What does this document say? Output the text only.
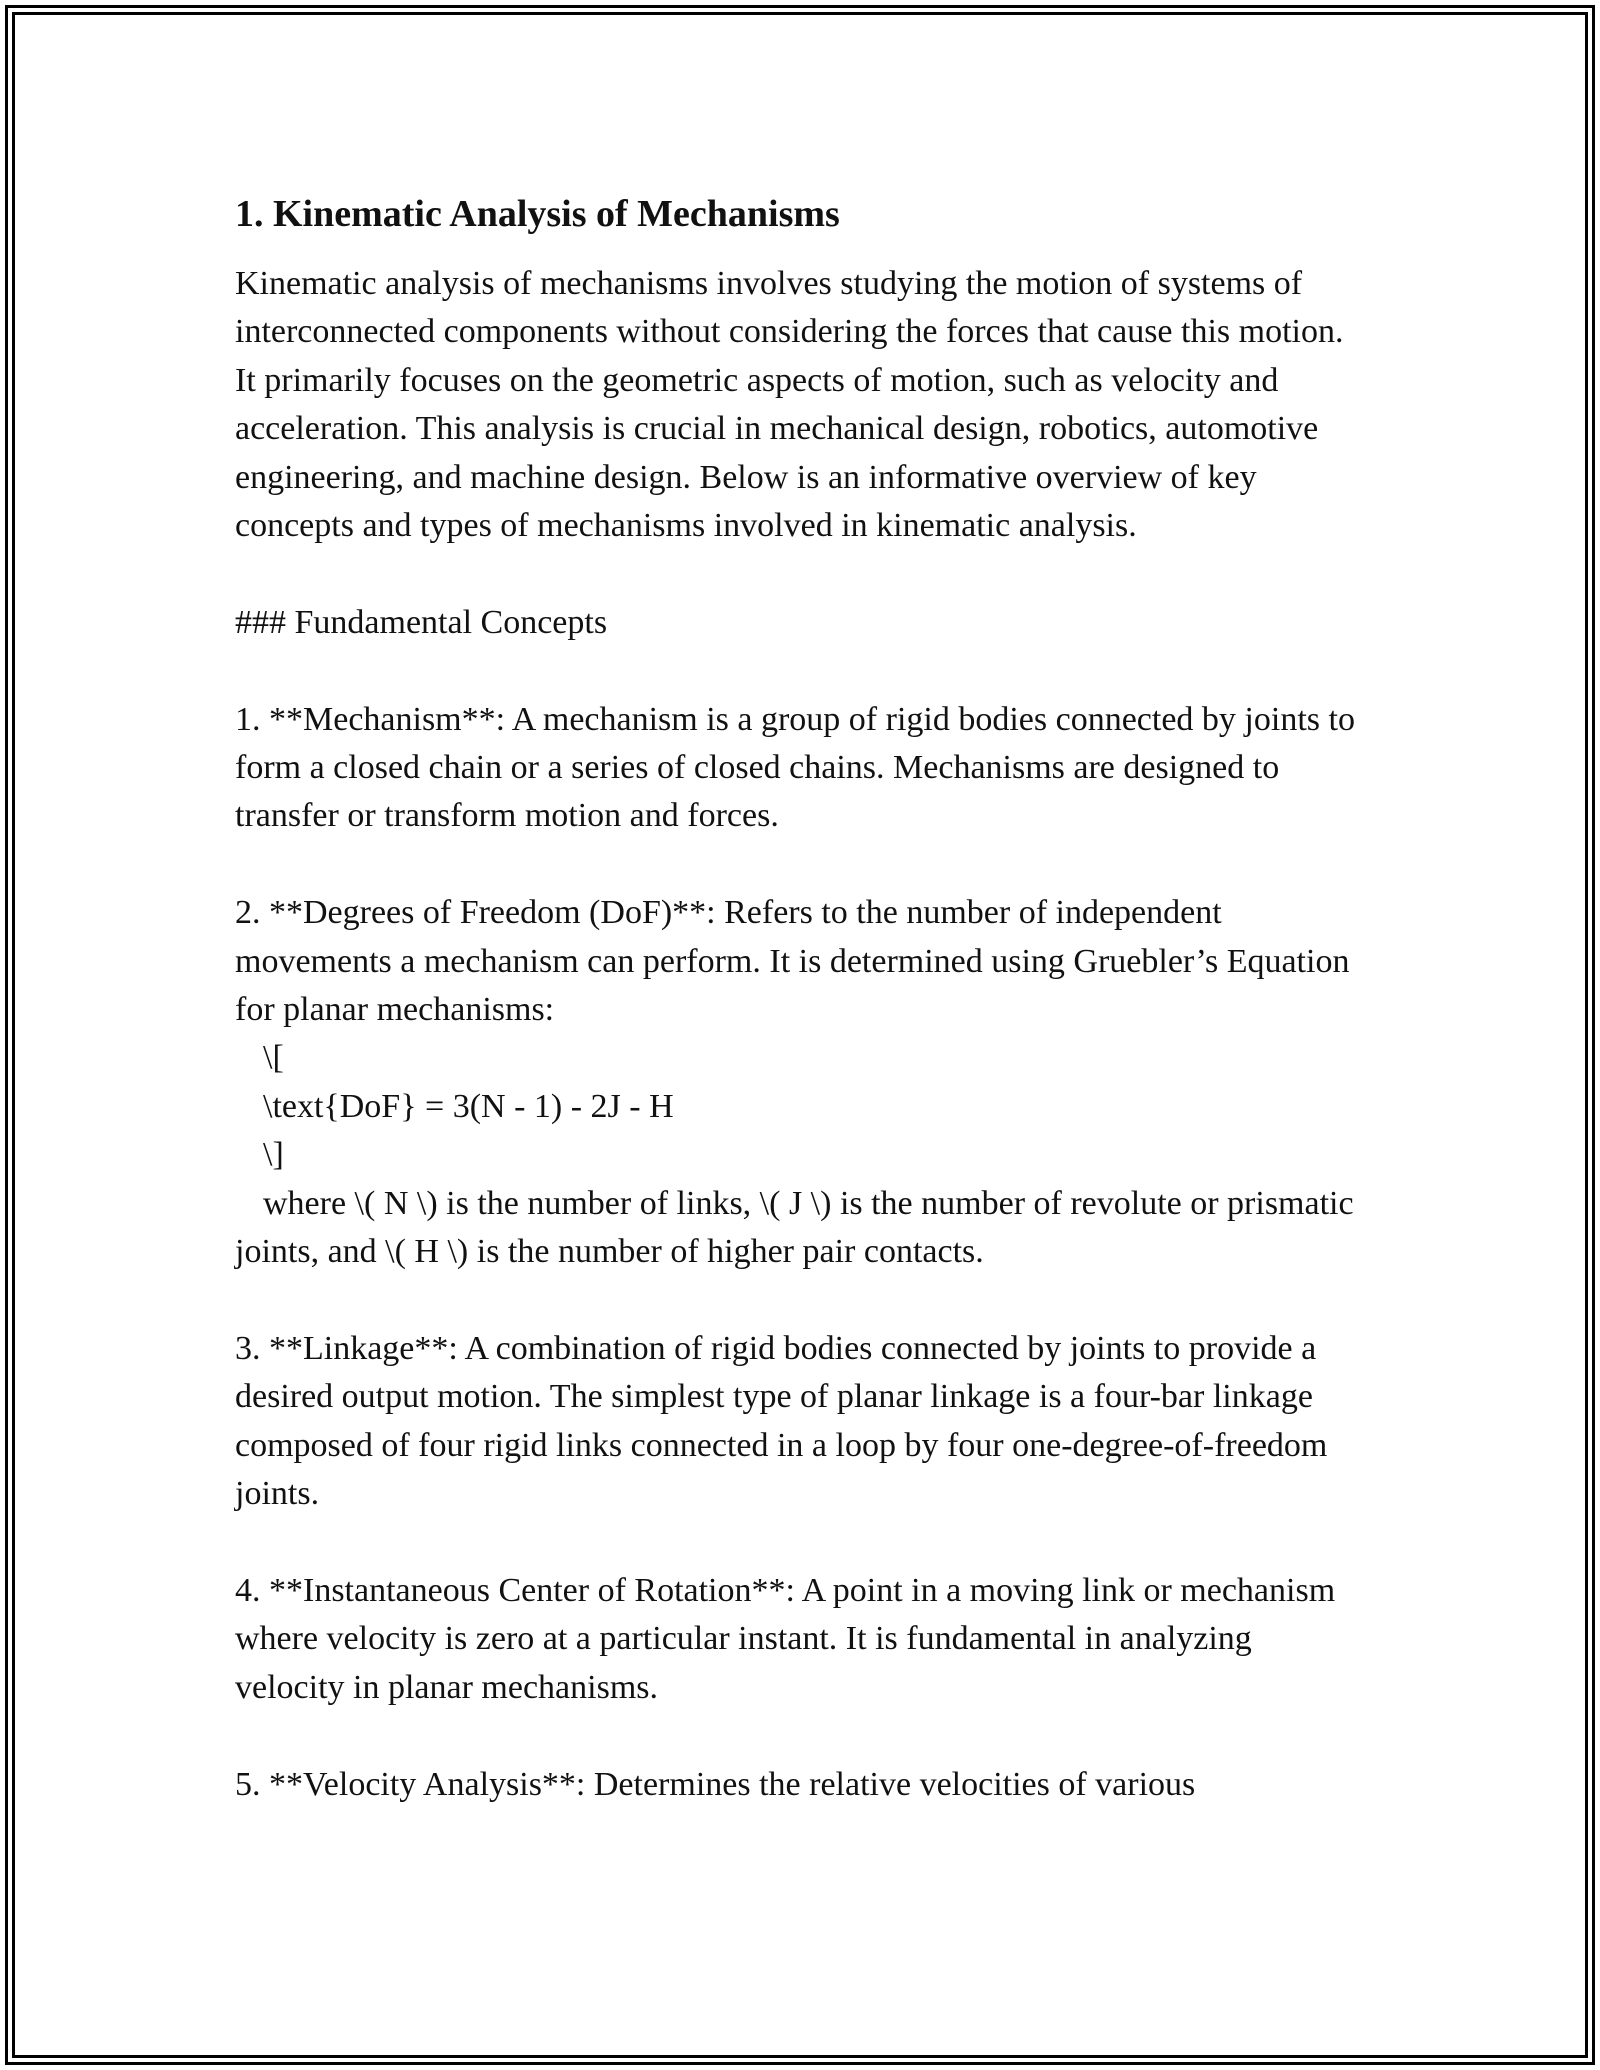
1. Kinematic Analysis of Mechanisms

Kinematic analysis of mechanisms involves studying the motion of systems of interconnected components without considering the forces that cause this motion. It primarily focuses on the geometric aspects of motion, such as velocity and acceleration. This analysis is crucial in mechanical design, robotics, automotive engineering, and machine design. Below is an informative overview of key concepts and types of mechanisms involved in kinematic analysis.

### Fundamental Concepts

1. **Mechanism**: A mechanism is a group of rigid bodies connected by joints to form a closed chain or a series of closed chains. Mechanisms are designed to transfer or transform motion and forces.

2. **Degrees of Freedom (DoF)**: Refers to the number of independent movements a mechanism can perform. It is determined using Gruebler’s Equation for planar mechanisms:

\[
\text{DoF} = 3(N - 1) - 2J - H
\]

where \( N \) is the number of links, \( J \) is the number of revolute or prismatic joints, and \( H \) is the number of higher pair contacts.

3. **Linkage**: A combination of rigid bodies connected by joints to provide a desired output motion. The simplest type of planar linkage is a four-bar linkage composed of four rigid links connected in a loop by four one-degree-of-freedom joints.

4. **Instantaneous Center of Rotation**: A point in a moving link or mechanism where velocity is zero at a particular instant. It is fundamental in analyzing velocity in planar mechanisms.

5. **Velocity Analysis**: Determines the relative velocities of various
